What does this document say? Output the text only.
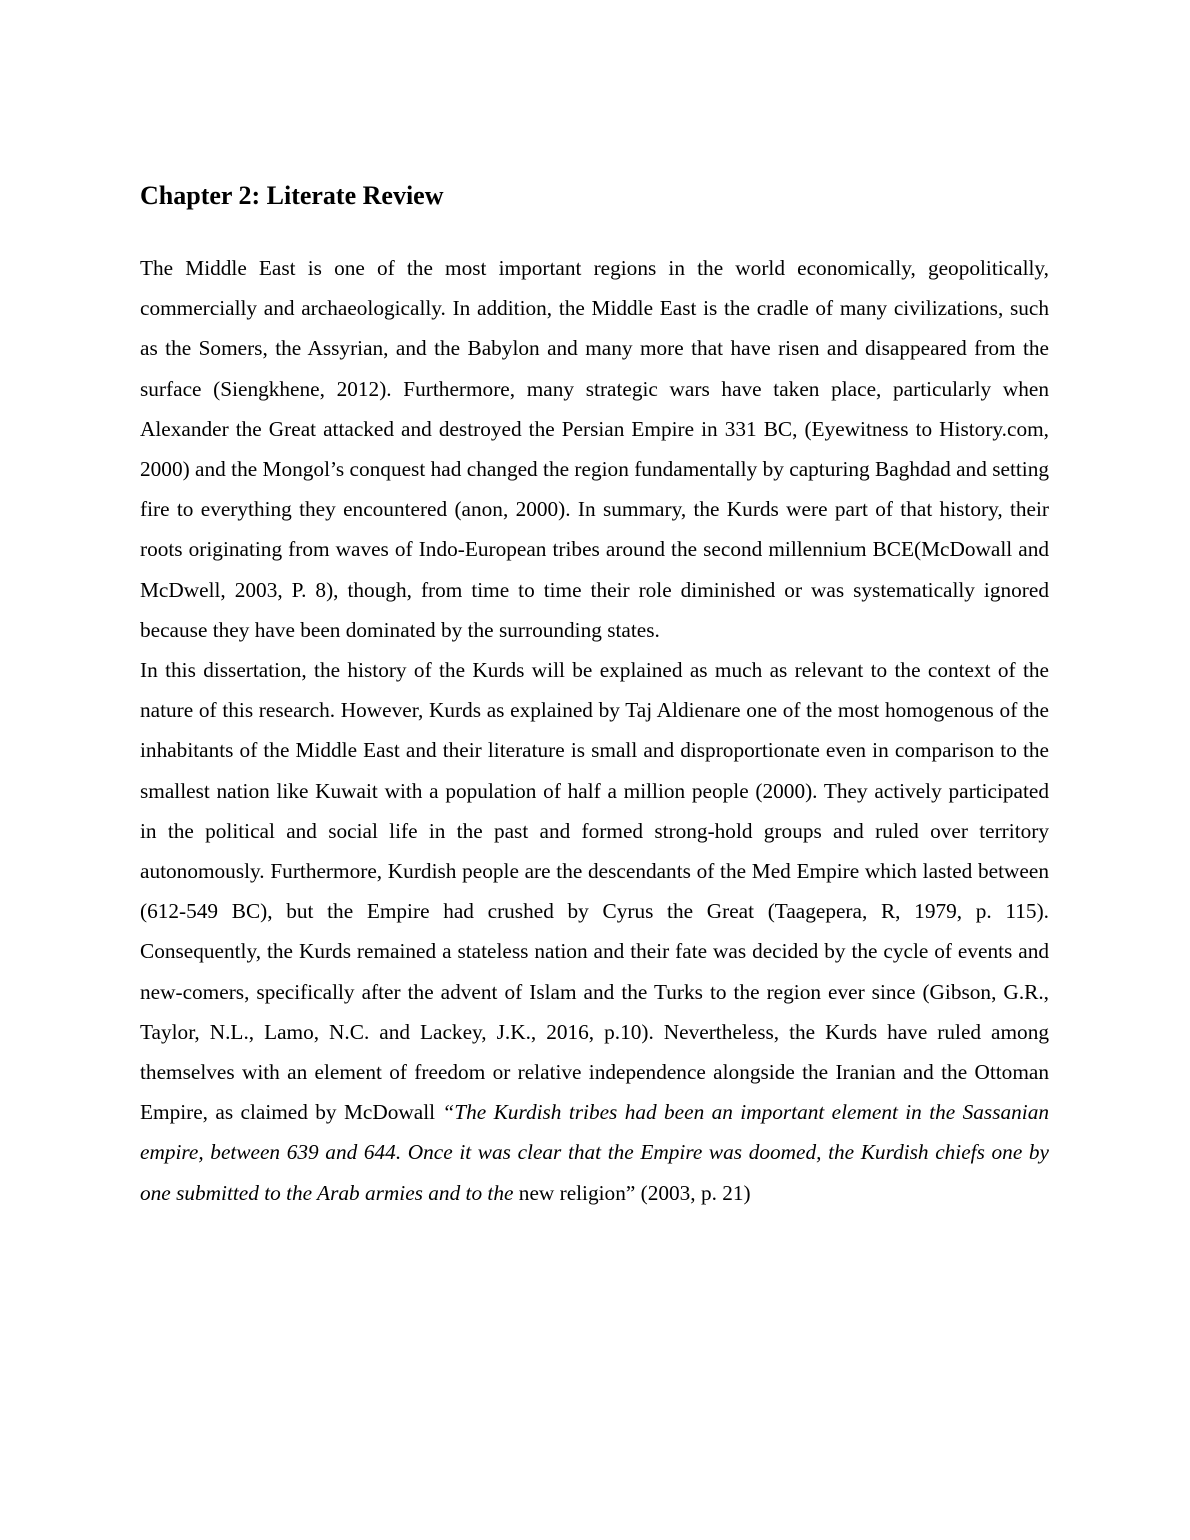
Chapter 2: Literate Review

The Middle East is one of the most important regions in the world economically, geopolitically, commercially and archaeologically. In addition, the Middle East is the cradle of many civilizations, such as the Somers, the Assyrian, and the Babylon and many more that have risen and disappeared from the surface (Siengkhene, 2012). Furthermore, many strategic wars have taken place, particularly when Alexander the Great attacked and destroyed the Persian Empire in 331 BC, (Eyewitness to History.com, 2000) and the Mongol’s conquest had changed the region fundamentally by capturing Baghdad and setting fire to everything they encountered (anon, 2000). In summary, the Kurds were part of that history, their roots originating from waves of Indo-European tribes around the second millennium BCE(McDowall and McDwell, 2003, P. 8), though, from time to time their role diminished or was systematically ignored because they have been dominated by the surrounding states.

In this dissertation, the history of the Kurds will be explained as much as relevant to the context of the nature of this research. However, Kurds as explained by Taj Aldienare one of the most homogenous of the inhabitants of the Middle East and their literature is small and disproportionate even in comparison to the smallest nation like Kuwait with a population of half a million people (2000). They actively participated in the political and social life in the past and formed strong-hold groups and ruled over territory autonomously. Furthermore, Kurdish people are the descendants of the Med Empire which lasted between (612-549 BC), but the Empire had crushed by Cyrus the Great (Taagepera, R, 1979, p. 115). Consequently, the Kurds remained a stateless nation and their fate was decided by the cycle of events and new-comers, specifically after the advent of Islam and the Turks to the region ever since (Gibson, G.R., Taylor, N.L., Lamo, N.C. and Lackey, J.K., 2016, p.10). Nevertheless, the Kurds have ruled among themselves with an element of freedom or relative independence alongside the Iranian and the Ottoman Empire, as claimed by McDowall “The Kurdish tribes had been an important element in the Sassanian empire, between 639 and 644. Once it was clear that the Empire was doomed, the Kurdish chiefs one by one submitted to the Arab armies and to the new religion” (2003, p. 21)
